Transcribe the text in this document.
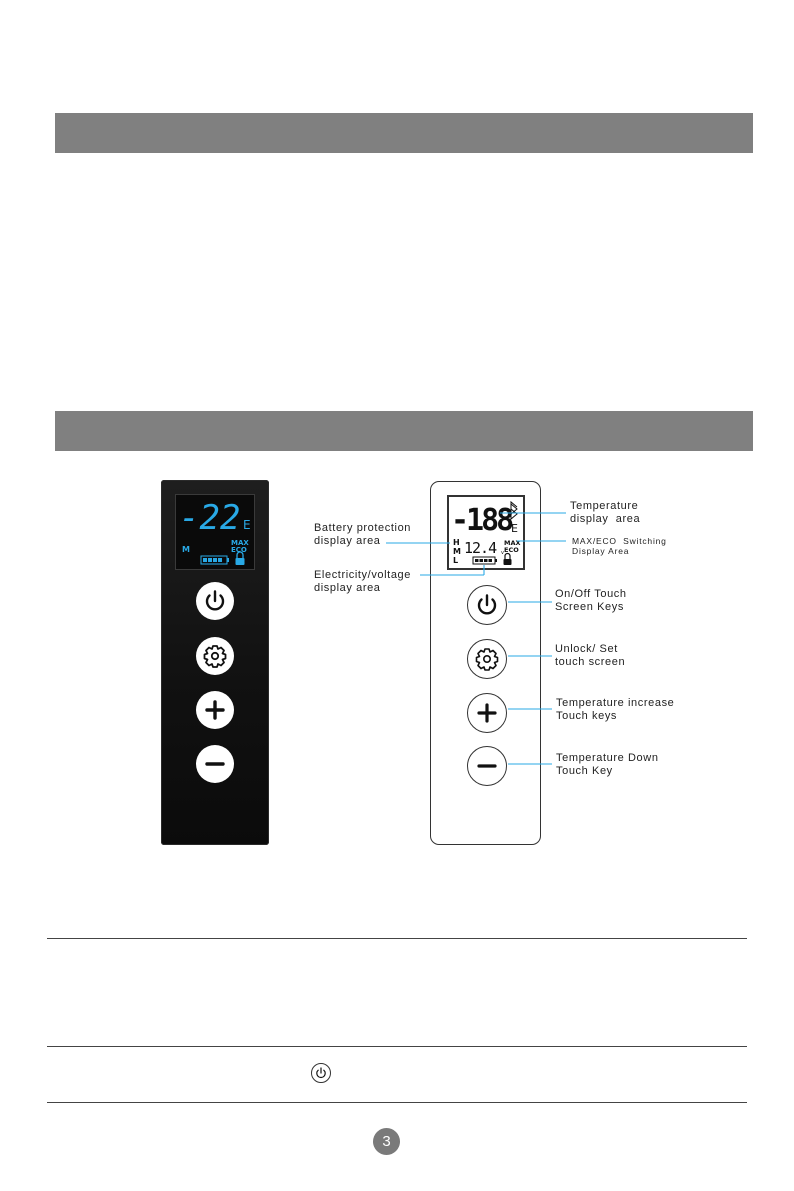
-22 E
MAX
ECO
M
-188 E
H
M
L
12.4 v
MAX
ECO
Battery protection
display area
Electricity/voltage
display area
Temperature
display  area
MAX/ECO  Switching
Display Area
On/Off Touch
Screen Keys
Unlock/ Set
touch screen
Temperature increase
Touch keys
Temperature Down
Touch Key
3
